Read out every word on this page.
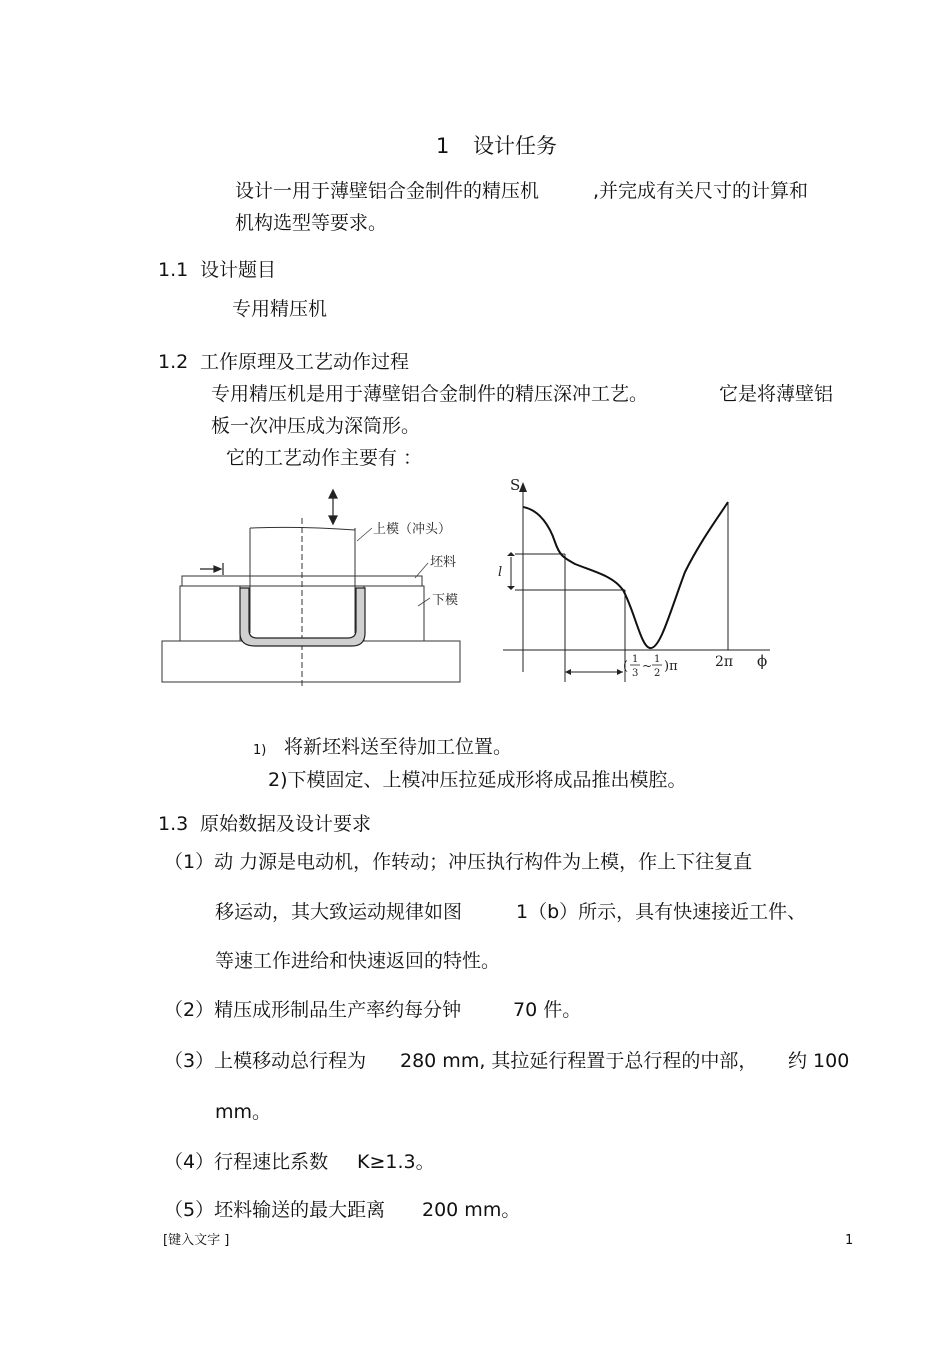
1 设计任务
设计一用于薄壁铝合金制件的精压机	,并完成有关尺寸的计算和
机构选型等要求。
1.1 设计题目
专用精压机
1.2 工作原理及工艺动作过程
专用精压机是用于薄壁铝合金制件的精压深冲工艺。	它是将薄壁铝
板一次冲压成为深筒形。
它的工艺动作主要有 ：
上模（冲头）
坯料
下模
S
l
2π ϕ
( 1
3
~ 1
2 )π
1) 将新坯料送至待加工位置。
2)下模固定、上模冲压拉延成形将成品推出模腔。
1.3 原始数据及设计要求
（1）动 力源是电动机，作转动；冲压执行构件为上模，作上下往复直
移运动，其大致运动规律如图	1（b）所示，具有快速接近工件、
等速工作进给和快速返回的特性。
（2）精压成形制品生产率约每分钟	70 件。
（3）上模移动总行程为 280 mm, 其拉延行程置于总行程的中部， 约 100
mm。
（4）行程速比系数 K≥1.3。
（5）坯料输送的最大距离 200 mm。
[键入文字 ]	1
